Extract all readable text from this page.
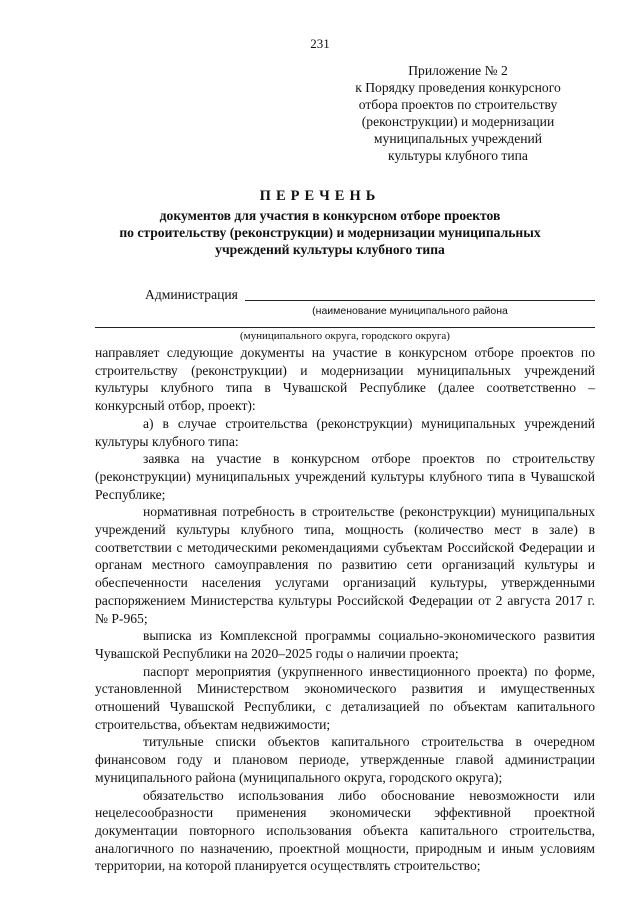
231
Приложение № 2
к Порядку проведения конкурсного
отбора проектов по строительству
(реконструкции) и модернизации
муниципальных учреждений
культуры клубного типа
ПЕРЕЧЕНЬ
документов для участия в конкурсном отборе проектов
по строительству (реконструкции) и модернизации муниципальных
учреждений культуры клубного типа
Администрация
(наименование муниципального района
(муниципального округа, городского округа)

направляет следующие документы на участие в конкурсном отборе проектов по строительству (реконструкции) и модернизации муниципальных учреждений культуры клубного типа в Чувашской Республике (далее соответственно – конкурсный отбор, проект):

а) в случае строительства (реконструкции) муниципальных учреждений культуры клубного типа:

заявка на участие в конкурсном отборе проектов по строительству (реконструкции) муниципальных учреждений культуры клубного типа в Чувашской Республике;

нормативная потребность в строительстве (реконструкции) муниципальных учреждений культуры клубного типа, мощность (количество мест в зале) в соответствии с методическими рекомендациями субъектам Российской Федерации и органам местного самоуправления по развитию сети организаций культуры и обеспеченности населения услугами организаций культуры, утвержденными распоряжением Министерства культуры Российской Федерации от 2 августа 2017 г. № Р-965;

выписка из Комплексной программы социально-экономического развития Чувашской Республики на 2020–2025 годы о наличии проекта;

паспорт мероприятия (укрупненного инвестиционного проекта) по форме, установленной Министерством экономического развития и имущественных отношений Чувашской Республики, с детализацией по объектам капитального строительства, объектам недвижимости;

титульные списки объектов капитального строительства в очередном финансовом году и плановом периоде, утвержденные главой администрации муниципального района (муниципального округа, городского округа);

обязательство использования либо обоснование невозможности или нецелесообразности применения экономически эффективной проектной документации повторного использования объекта капитального строительства, аналогичного по назначению, проектной мощности, природным и иным условиям территории, на которой планируется осуществлять строительство;
